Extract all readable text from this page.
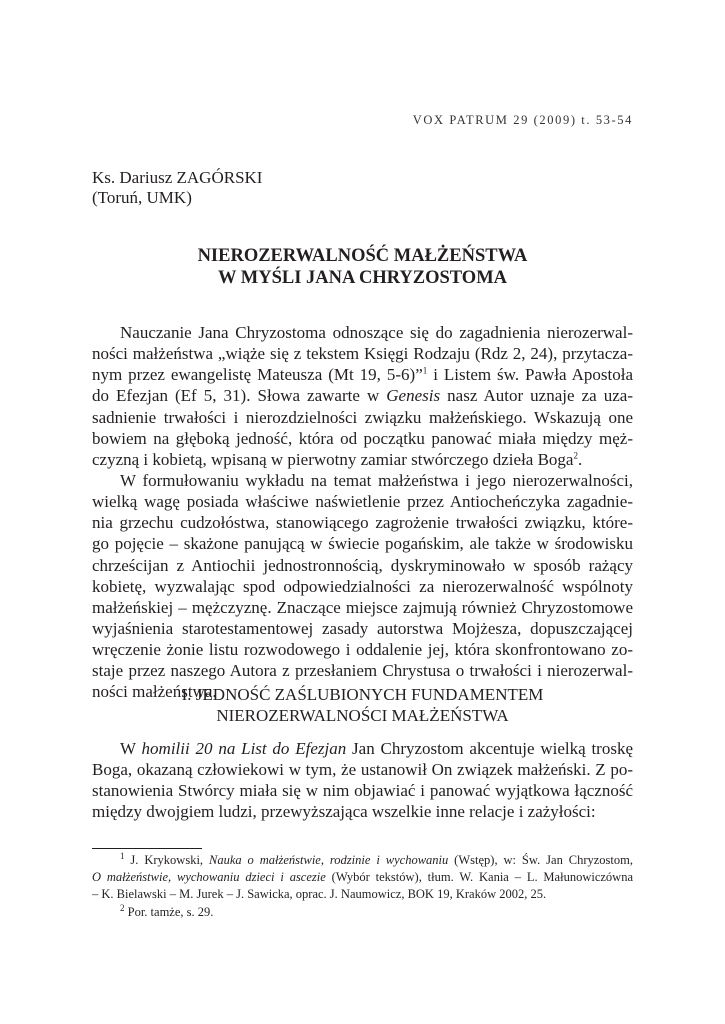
VOX PATRUM 29 (2009) t. 53-54
Ks. Dariusz ZAGÓRSKI
(Toruń, UMK)
NIEROZERWALNOŚĆ MAŁŻEŃSTWA
W MYŚLI JANA CHRYZOSTOMA
Nauczanie Jana Chryzostoma odnoszące się do zagadnienia nierozerwal-
ności małżeństwa „wiąże się z tekstem Księgi Rodzaju (Rdz 2, 24), przytacza-
nym przez ewangelistę Mateusza (Mt 19, 5-6)”$^1$ i Listem św. Pawła Apostoła
do Efezjan (Ef 5, 31). Słowa zawarte w Genesis nasz Autor uznaje za uza-
sadnienie trwałości i nierozdzielności związku małżeńskiego. Wskazują one
bowiem na głęboką jedność, która od początku panować miała między męż-
czyzną i kobietą, wpisaną w pierwotny zamiar stwórczego dzieła Boga$^2$.
W formułowaniu wykładu na temat małżeństwa i jego nierozerwalności,
wielką wagę posiada właściwe naświetlenie przez Antiocheńczyka zagadnie-
nia grzechu cudzołóstwa, stanowiącego zagrożenie trwałości związku, które-
go pojęcie – skażone panującą w świecie pogańskim, ale także w środowisku
chrześcijan z Antiochii jednostronnością, dyskryminowało w sposób rażący
kobietę, wyzwalając spod odpowiedzialności za nierozerwalność wspólnoty
małżeńskiej – mężczyznę. Znaczące miejsce zajmują również Chryzostomowe
wyjaśnienia starotestamentowej zasady autorstwa Mojżesza, dopuszczającej
wręczenie żonie listu rozwodowego i oddalenie jej, która skonfrontowano zo-
staje przez naszego Autora z przesłaniem Chrystusa o trwałości i nierozerwal-
ności małżeństwa.
I. JEDNOŚĆ ZAŚLUBIONYCH FUNDAMENTEM
NIEROZERWALNOŚCI MAŁŻEŃSTWA
W homilii 20 na List do Efezjan Jan Chryzostom akcentuje wielką troskę
Boga, okazaną człowiekowi w tym, że ustanowił On związek małżeński. Z po-
stanowienia Stwórcy miała się w nim objawiać i panować wyjątkowa łączność
między dwojgiem ludzi, przewyższająca wszelkie inne relacje i zażyłości:
$^1$ J. Krykowski, Nauka o małżeństwie, rodzinie i wychowaniu (Wstęp), w: Św. Jan Chryzostom,
O małżeństwie, wychowaniu dzieci i ascezie (Wybór tekstów), tłum. W. Kania – L. Małunowiczówna
– K. Bielawski – M. Jurek – J. Sawicka, oprac. J. Naumowicz, BOK 19, Kraków 2002, 25.
$^2$ Por. tamże, s. 29.
